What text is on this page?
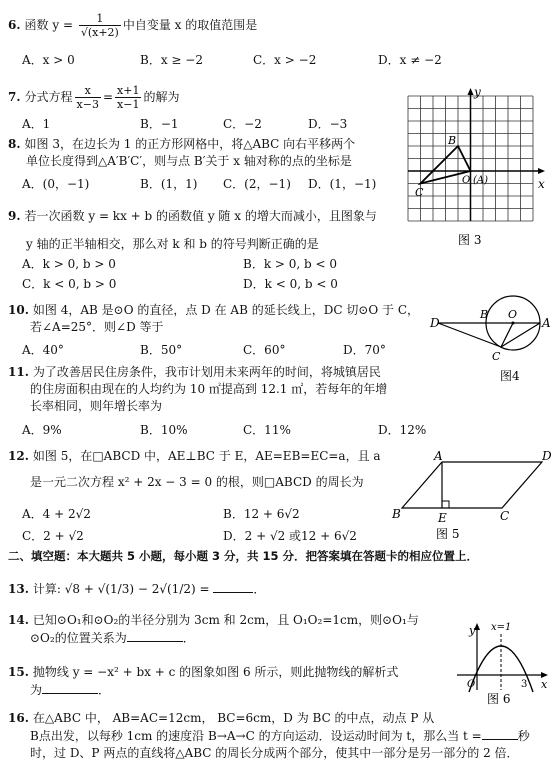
6. 函数 $y = \frac{1}{√(x+2)}$ 中自变量 x 的取值范围是
A．x > 0	B．x ≥ −2	C．x > −2	D．x ≠ −2
7. 分式方程 $\frac{x}{x-3} = \frac{x+1}{x-1}$ 的解为
A．1	B．−1	C．−2	D．−3
8. 如图 3，在边长为 1 的正方形网格中，将△ABC 向右平移两个
单位长度得到△A′B′C′，则与点 B′关于 x 轴对称的点的坐标是
A．(0，−1)	B．(1，1) C．(2，−1) D．(1，−1)
y
x
B
C
O (A)
图 3
9. 若一次函数 y = kx + b 的函数值 y 随 x 的增大而减小，且图象与
y 轴的正半轴相交，那么对 k 和 b 的符号判断正确的是
A．k > 0, b > 0	B．k > 0, b < 0
C．k < 0, b > 0	D．k < 0, b < 0
10. 如图 4，AB 是⊙O 的直径，点 D 在 AB 的延长线上，DC 切⊙O 于 C，
若∠A=25°．则∠D 等于
A．40°	B．50°	C．60°	D．70°
D
B O
A
C
图4
11. 为了改善居民住房条件，我市计划用未来两年的时间，将城镇居民
的住房面积由现在的人均约为 10 ㎡提高到 12.1 ㎡，若每年的年增
长率相同，则年增长率为
A．9%	B．10%	C．11%	D．12%
12. 如图 5，在□ABCD 中，AE⊥BC 于 E，AE=EB=EC=a，且 a
是一元二次方程 x² + 2x − 3 = 0 的根，则□ABCD 的周长为
A．4 + 2√2	B．12 + 6√2
C．2 + √2	D．2 + √2 或12 + 6√2
A	D
B	E	C
图 5
二、填空题：本大题共 5 小题，每小题 3 分，共 15 分．把答案填在答题卡的相应位置上．
13. 计算: √8 + √(1/3) − 2√(1/2) =	．
14. 已知⊙O₁和⊙O₂的半径分别为 3cm 和 2cm，且 O₁O₂=1cm，则⊙O₁与
⊙O₂的位置关系为	．
15. 抛物线 y = −x² + bx + c 的图象如图 6 所示，则此抛物线的解析式
为	．
y
x
x=1
O	3
图 6
16. 在△ABC 中， AB=AC=12cm， BC=6cm，D 为 BC 的中点，动点 P 从
B点出发，以每秒 1cm 的速度沿 B→A→C 的方向运动．设运动时间为 t，那么当 t =	秒
时，过 D、P 两点的直线将△ABC 的周长分成两个部分，使其中一部分是另一部分的 2 倍．
